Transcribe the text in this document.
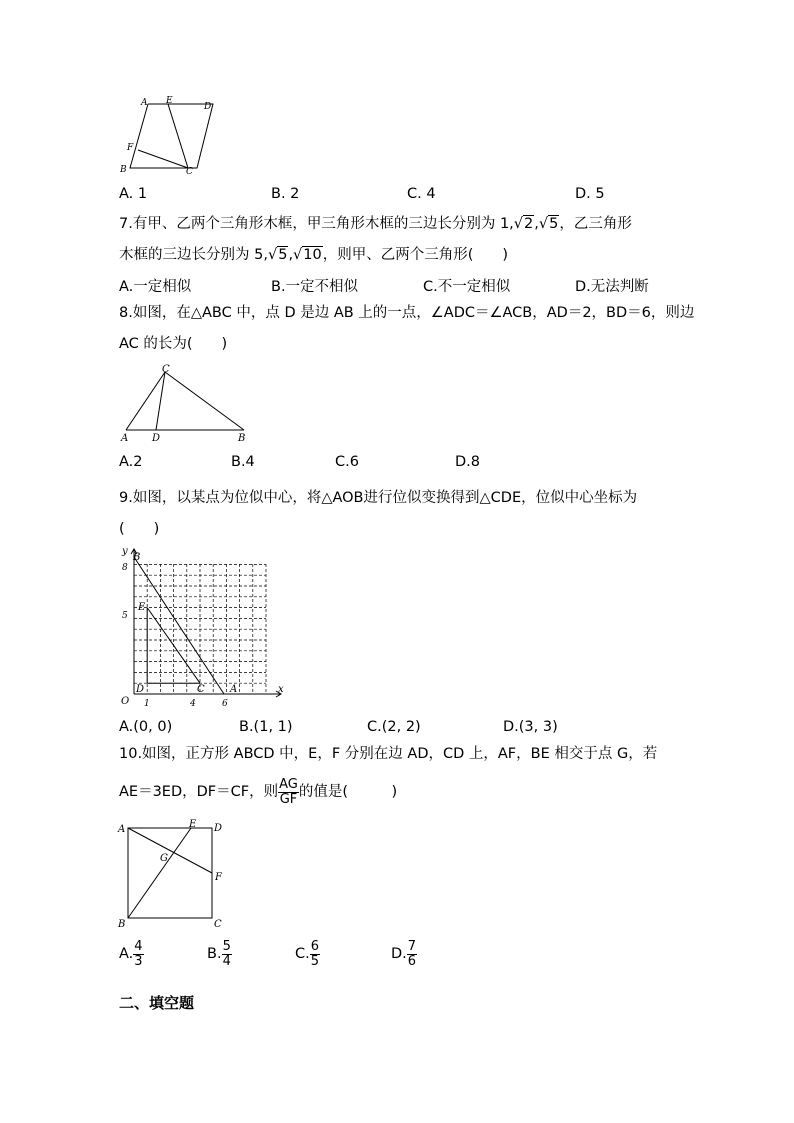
A E
D
F
B	C
A. 1	B. 2	C. 4	D. 5
7.有甲、乙两个三角形木框，甲三角形木框的三边长分别为 1,√2,√5，乙三角形
木框的三边长分别为 5,√5,√10，则甲、乙两个三角形(　　)
A.一定相似	B.一定不相似	C.不一定相似	D.无法判断
8.如图，在△ABC 中，点 D 是边 AB 上的一点，∠ADC＝∠ACB，AD＝2，BD＝6，则边
AC 的长为(　　)
C
A D	B
A.2	B.4	C.6	D.8
9.如图，以某点为位似中心，将△AOB进行位似变换得到△CDE，位似中心坐标为
(　　)
y
B
8
E
5
D	C	A
O 1	4	6
x
A.(0, 0)	B.(1, 1)	C.(2, 2)	D.(3, 3)
10.如图，正方形 ABCD 中，E，F 分别在边 AD，CD 上，AF，BE 相交于点 G，若
AE＝3ED，DF＝CF，则 $\frac{AG}{GF}$ 的值是(　　　)
A	E D
G
F
B	C
A. $\frac{4}{3}$	B. $\frac{5}{4}$	C. $\frac{6}{5}$	D. $\frac{7}{6}$
二、填空题
